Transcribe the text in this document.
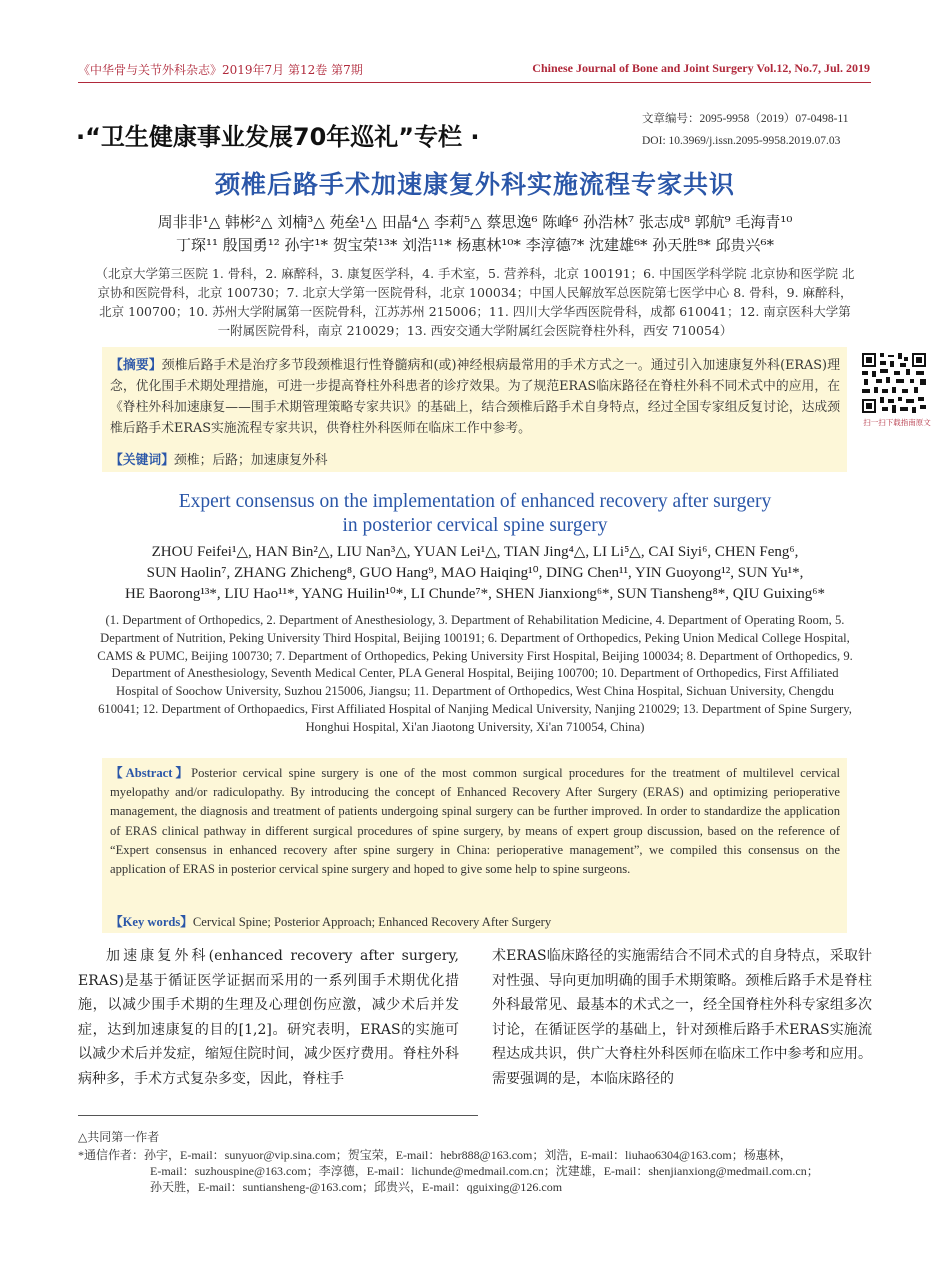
《中华骨与关节外科杂志》2019年7月 第12卷 第7期	Chinese Journal of Bone and Joint Surgery Vol.12, No.7, Jul. 2019
·“卫生健康事业发展70年巡礼”专栏 ·
文章编号：2095-9958（2019）07-0498-11
DOI: 10.3969/j.issn.2095-9958.2019.07.03
颈椎后路手术加速康复外科实施流程专家共识
周非非¹△ 韩彬²△ 刘楠³△ 苑垒¹△ 田晶⁴△ 李莉⁵△ 蔡思逸⁶ 陈峰⁶ 孙浩林⁷ 张志成⁸ 郭航⁹ 毛海青¹⁰
丁琛¹¹ 殷国勇¹² 孙宇¹* 贺宝荣¹³* 刘浩¹¹* 杨惠林¹⁰* 李淳德⁷* 沈建雄⁶* 孙天胜⁸* 邱贵兴⁶*
（北京大学第三医院 1. 骨科，2. 麻醉科，3. 康复医学科，4. 手术室，5. 营养科，北京 100191；6. 中国医学科学院 北京协和医学院 北京协和医院骨科，北京 100730；7. 北京大学第一医院骨科，北京 100034；中国人民解放军总医院第七医学中心 8. 骨科，9. 麻醉科，北京 100700；10. 苏州大学附属第一医院骨科，江苏苏州 215006；11. 四川大学华西医院骨科，成都 610041；12. 南京医科大学第一附属医院骨科，南京 210029；13. 西安交通大学附属红会医院脊柱外科，西安 710054）
【摘要】颈椎后路手术是治疗多节段颈椎退行性脊髓病和(或)神经根病最常用的手术方式之一。通过引入加速康复外科(ERAS)理念，优化围手术期处理措施，可进一步提高脊柱外科患者的诊疗效果。为了规范ERAS临床路径在脊柱外科不同术式中的应用，在《脊柱外科加速康复——围手术期管理策略专家共识》的基础上，结合颈椎后路手术自身特点，经过全国专家组反复讨论，达成颈椎后路手术ERAS实施流程专家共识，供脊柱外科医师在临床工作中参考。
【关键词】颈椎；后路；加速康复外科
扫一扫下载指南原文
Expert consensus on the implementation of enhanced recovery after surgery
in posterior cervical spine surgery
ZHOU Feifei¹△, HAN Bin²△, LIU Nan³△, YUAN Lei¹△, TIAN Jing⁴△, LI Li⁵△, CAI Siyi⁶, CHEN Feng⁶,
SUN Haolin⁷, ZHANG Zhicheng⁸, GUO Hang⁹, MAO Haiqing¹⁰, DING Chen¹¹, YIN Guoyong¹², SUN Yu¹*,
HE Baorong¹³*, LIU Hao¹¹*, YANG Huilin¹⁰*, LI Chunde⁷*, SHEN Jianxiong⁶*, SUN Tiansheng⁸*, QIU Guixing⁶*
(1. Department of Orthopedics, 2. Department of Anesthesiology, 3. Department of Rehabilitation Medicine, 4. Department of Operating Room, 5. Department of Nutrition, Peking University Third Hospital, Beijing 100191; 6. Department of Orthopedics, Peking Union Medical College Hospital, CAMS & PUMC, Beijing 100730; 7. Department of Orthopedics, Peking University First Hospital, Beijing 100034; 8. Department of Orthopedics, 9. Department of Anesthesiology, Seventh Medical Center, PLA General Hospital, Beijing 100700; 10. Department of Orthopedics, First Affiliated Hospital of Soochow University, Suzhou 215006, Jiangsu; 11. Department of Orthopedics, West China Hospital, Sichuan University, Chengdu 610041; 12. Department of Orthopaedics, First Affiliated Hospital of Nanjing Medical University, Nanjing 210029; 13. Department of Spine Surgery, Honghui Hospital, Xi'an Jiaotong University, Xi'an 710054, China)
【Abstract】Posterior cervical spine surgery is one of the most common surgical procedures for the treatment of multilevel cervical myelopathy and/or radiculopathy. By introducing the concept of Enhanced Recovery After Surgery (ERAS) and optimizing perioperative management, the diagnosis and treatment of patients undergoing spinal surgery can be further improved. In order to standardize the application of ERAS clinical pathway in different surgical procedures of spine surgery, by means of expert group discussion, based on the reference of “Expert consensus in enhanced recovery after spine surgery in China: perioperative management”, we compiled this consensus on the application of ERAS in posterior cervical spine surgery and hoped to give some help to spine surgeons.
【Key words】Cervical Spine; Posterior Approach; Enhanced Recovery After Surgery
加速康复外科(enhanced recovery after surgery, ERAS)是基于循证医学证据而采用的一系列围手术期优化措施，以减少围手术期的生理及心理创伤应激，减少术后并发症，达到加速康复的目的[1,2]。研究表明，ERAS的实施可以减少术后并发症，缩短住院时间，减少医疗费用。脊柱外科病种多，手术方式复杂多变，因此，脊柱手
术ERAS临床路径的实施需结合不同术式的自身特点，采取针对性强、导向更加明确的围手术期策略。颈椎后路手术是脊柱外科最常见、最基本的术式之一，经全国脊柱外科专家组多次讨论，在循证医学的基础上，针对颈椎后路手术ERAS实施流程达成共识，供广大脊柱外科医师在临床工作中参考和应用。需要强调的是，本临床路径的
△共同第一作者
*通信作者：孙宇，E-mail：sunyuor@vip.sina.com；贺宝荣，E-mail：hebr888@163.com；刘浩，E-mail：liuhao6304@163.com；杨惠林，
E-mail：suzhouspine@163.com；李淳德，E-mail：lichunde@medmail.com.cn；沈建雄，E-mail：shenjianxiong@medmail.com.cn；
孙天胜，E-mail：suntiansheng-@163.com；邱贵兴，E-mail：qguixing@126.com
